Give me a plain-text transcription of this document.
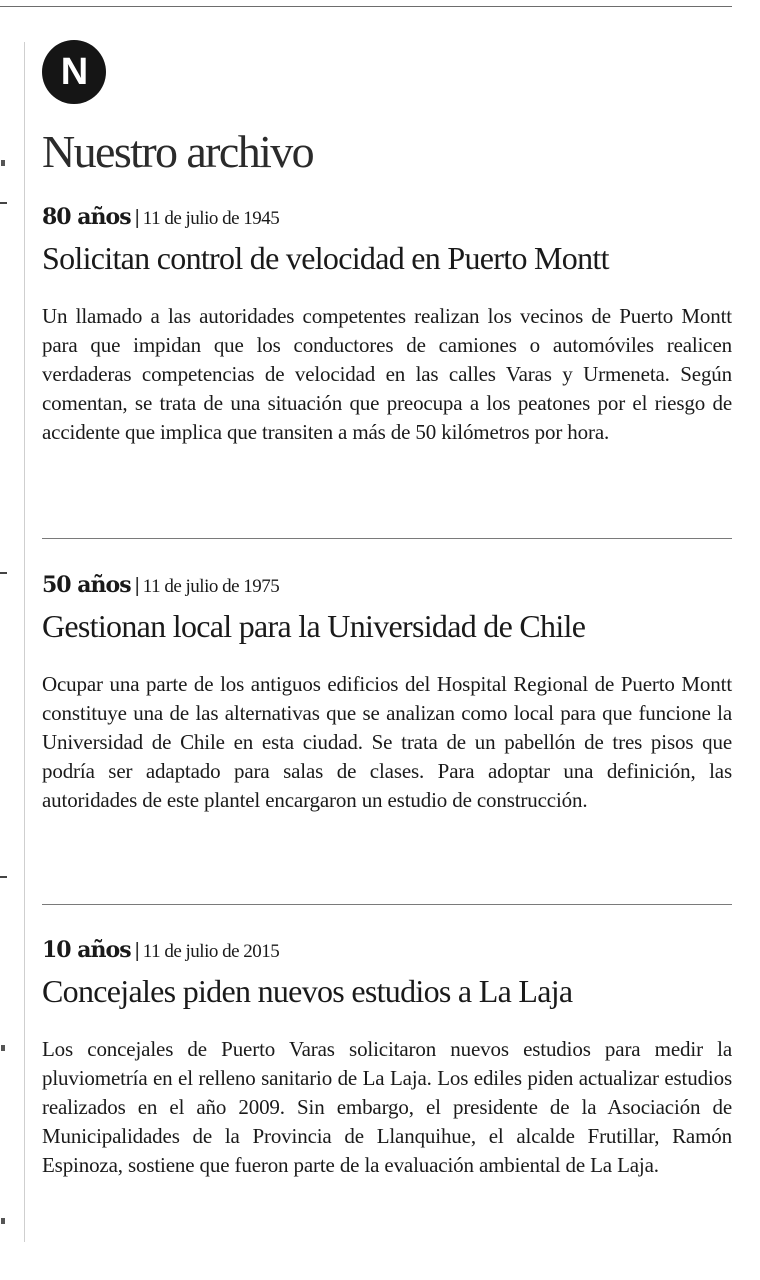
N
Nuestro archivo

80 años | 11 de julio de 1945

Solicitan control de velocidad en Puerto Montt

Un llamado a las autoridades competentes realizan los vecinos de Puerto Montt para que impidan que los conductores de camiones o automóviles realicen verdaderas competencias de velocidad en las calles Varas y Urmeneta. Según comentan, se trata de una situación que preocupa a los peatones por el riesgo de accidente que implica que transiten a más de 50 kilómetros por hora.

50 años | 11 de julio de 1975

Gestionan local para la Universidad de Chile

Ocupar una parte de los antiguos edificios del Hospital Regional de Puerto Montt constituye una de las alternativas que se analizan como local para que funcione la Universidad de Chile en esta ciudad. Se trata de un pabellón de tres pisos que podría ser adaptado para salas de clases. Para adoptar una definición, las autoridades de este plantel encargaron un estudio de construcción.

10 años | 11 de julio de 2015

Concejales piden nuevos estudios a La Laja

Los concejales de Puerto Varas solicitaron nuevos estudios para medir la pluviometría en el relleno sanitario de La Laja. Los ediles piden actualizar estudios realizados en el año 2009. Sin embargo, el presidente de la Asociación de Municipalidades de la Provincia de Llanquihue, el alcalde Frutillar, Ramón Espinoza, sostiene que fueron parte de la evaluación ambiental de La Laja.
